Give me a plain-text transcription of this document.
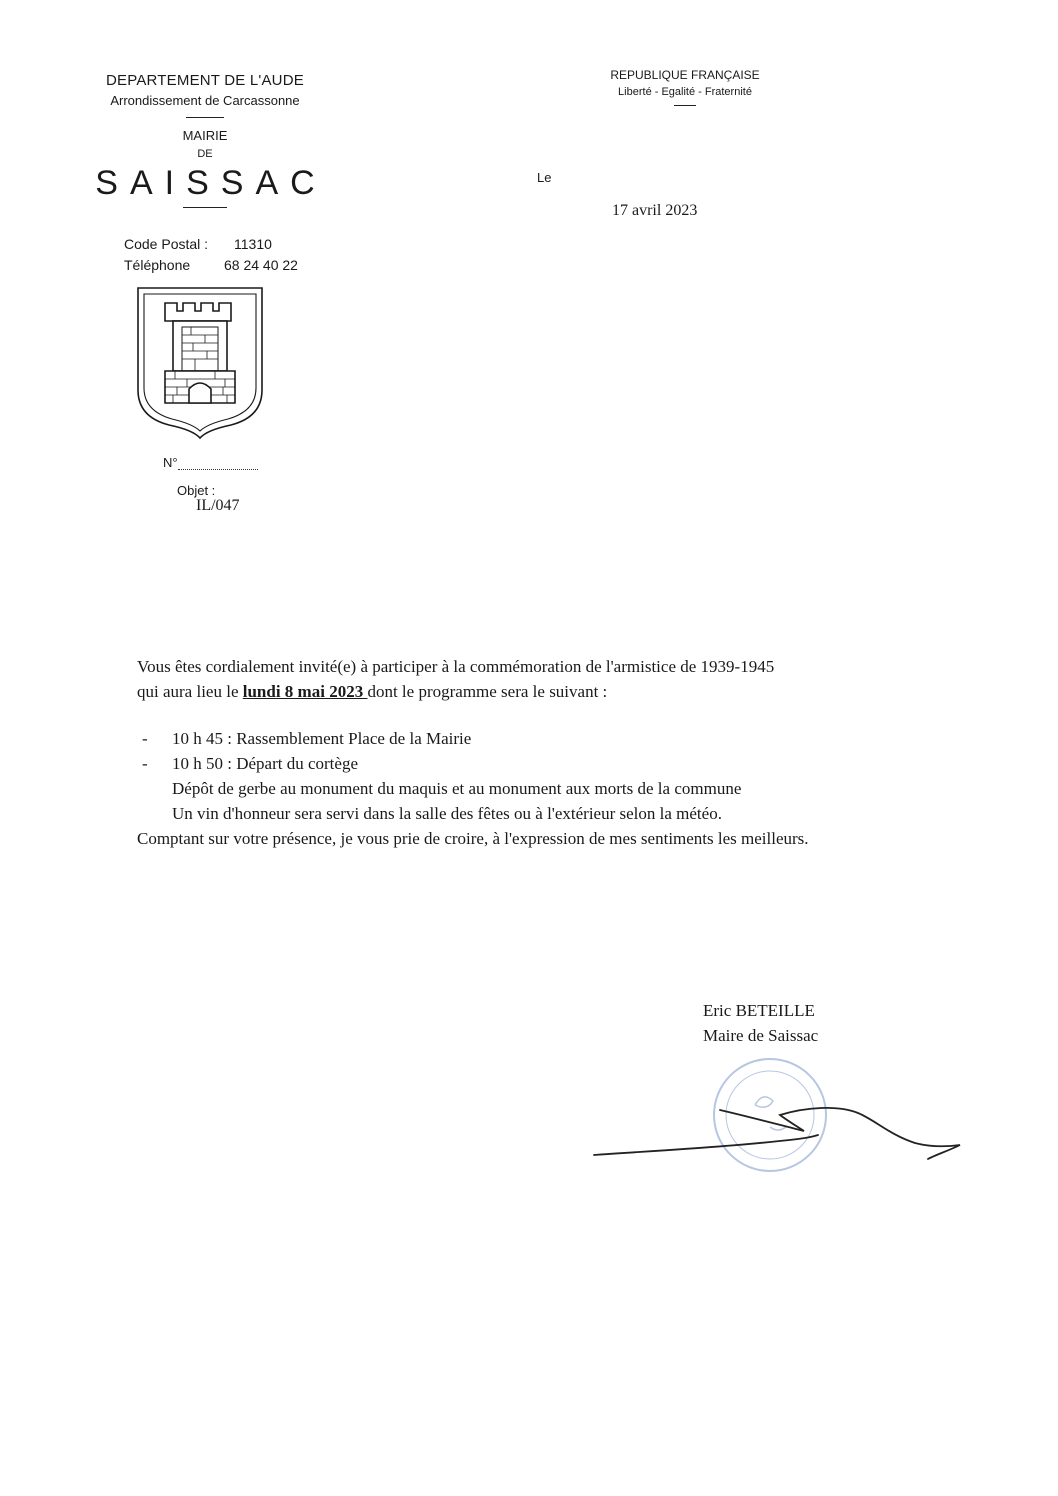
DEPARTEMENT DE L'AUDE
Arrondissement de Carcassonne
MAIRIE
DE
SAISSAC
Code Postal :	11310
Téléphone	68 24 40 22
N°
Objet :
IL/047
REPUBLIQUE FRANÇAISE
Liberté - Egalité - Fraternité
Le
17 avril 2023

Vous êtes cordialement invité(e) à participer à la commémoration de l'armistice de 1939-1945

qui aura lieu le lundi 8 mai 2023 dont le programme sera le suivant :

-	10 h 45 : Rassemblement Place de la Mairie
-	10 h 50 : Départ du cortège
Dépôt de gerbe au monument du maquis et au monument aux morts de la commune
Un vin d'honneur sera servi dans la salle des fêtes ou à l'extérieur selon la météo.

Comptant sur votre présence, je vous prie de croire, à l'expression de mes sentiments les meilleurs.

Eric BETEILLE
Maire de Saissac
